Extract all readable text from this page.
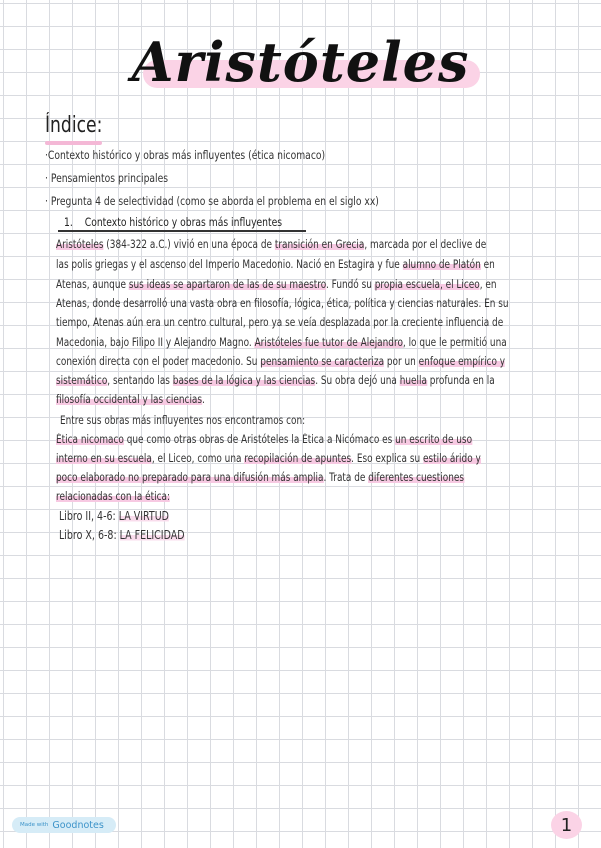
Aristóteles
Índice:
·Contexto histórico y obras más influyentes (ética nicomaco)
· Pensamientos principales
· Pregunta 4 de selectividad (como se aborda el problema en el siglo xx)
1. Contexto histórico y obras más influyentes
Aristóteles (384-322 a.C.) vivió en una época de transición en Grecia, marcada por el declive de
las polis griegas y el ascenso del Imperio Macedonio. Nació en Estagira y fue alumno de Platón en
Atenas, aunque sus ideas se apartaron de las de su maestro. Fundó su propia escuela, el Liceo, en
Atenas, donde desarrolló una vasta obra en filosofía, lógica, ética, política y ciencias naturales. En su
tiempo, Atenas aún era un centro cultural, pero ya se veía desplazada por la creciente influencia de
Macedonia, bajo Filipo II y Alejandro Magno. Aristóteles fue tutor de Alejandro, lo que le permitió una
conexión directa con el poder macedonio. Su pensamiento se caracteriza por un enfoque empírico y
sistemático, sentando las bases de la lógica y las ciencias. Su obra dejó una huella profunda en la
filosofía occidental y las ciencias.
Entre sus obras más influyentes nos encontramos con:
Ética nicomaco que como otras obras de Aristóteles la Ética a Nicómaco es un escrito de uso
interno en su escuela, el Liceo, como una recopilación de apuntes. Eso explica su estilo árido y
poco elaborado no preparado para una difusión más amplia. Trata de diferentes cuestiones
relacionadas con la ética:
Libro II, 4-6: LA VIRTUD
Libro X, 6-8: LA FELICIDAD
Made with Goodnotes	1
